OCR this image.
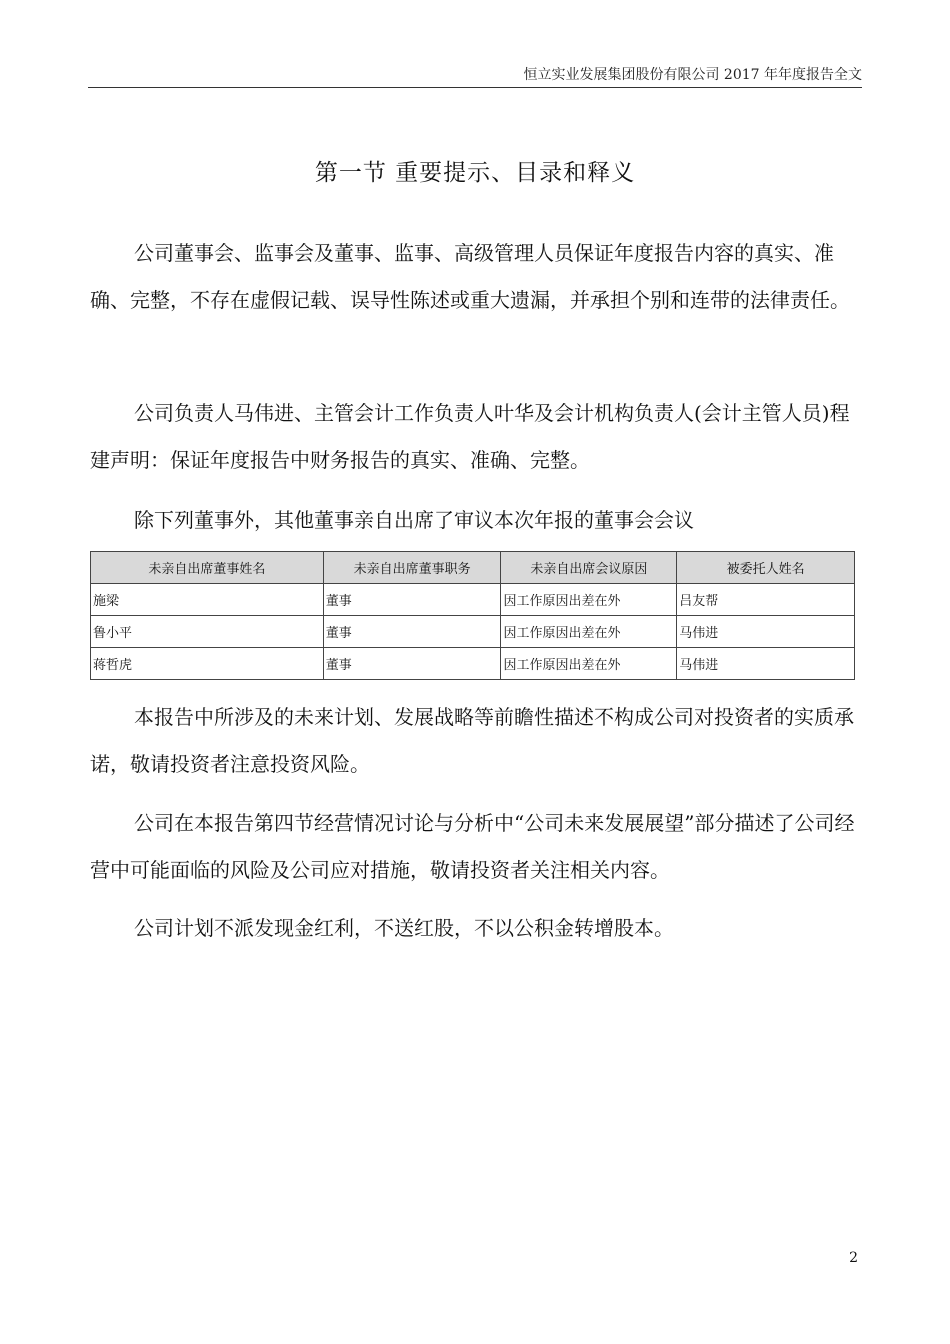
恒立实业发展集团股份有限公司 2017 年年度报告全文
第一节 重要提示、目录和释义

公司董事会、监事会及董事、监事、高级管理人员保证年度报告内容的真实、准确、完整，不存在虚假记载、误导性陈述或重大遗漏，并承担个别和连带的法律责任。

公司负责人马伟进、主管会计工作负责人叶华及会计机构负责人(会计主管人员)程建声明：保证年度报告中财务报告的真实、准确、完整。

除下列董事外，其他董事亲自出席了审议本次年报的董事会会议

未亲自出席董事姓名	未亲自出席董事职务	未亲自出席会议原因	被委托人姓名
施梁	董事	因工作原因出差在外	吕友帮
鲁小平	董事	因工作原因出差在外	马伟进
蒋哲虎	董事	因工作原因出差在外	马伟进

本报告中所涉及的未来计划、发展战略等前瞻性描述不构成公司对投资者的实质承诺，敬请投资者注意投资风险。

公司在本报告第四节经营情况讨论与分析中“公司未来发展展望”部分描述了公司经营中可能面临的风险及公司应对措施，敬请投资者关注相关内容。

公司计划不派发现金红利，不送红股，不以公积金转增股本。

2
